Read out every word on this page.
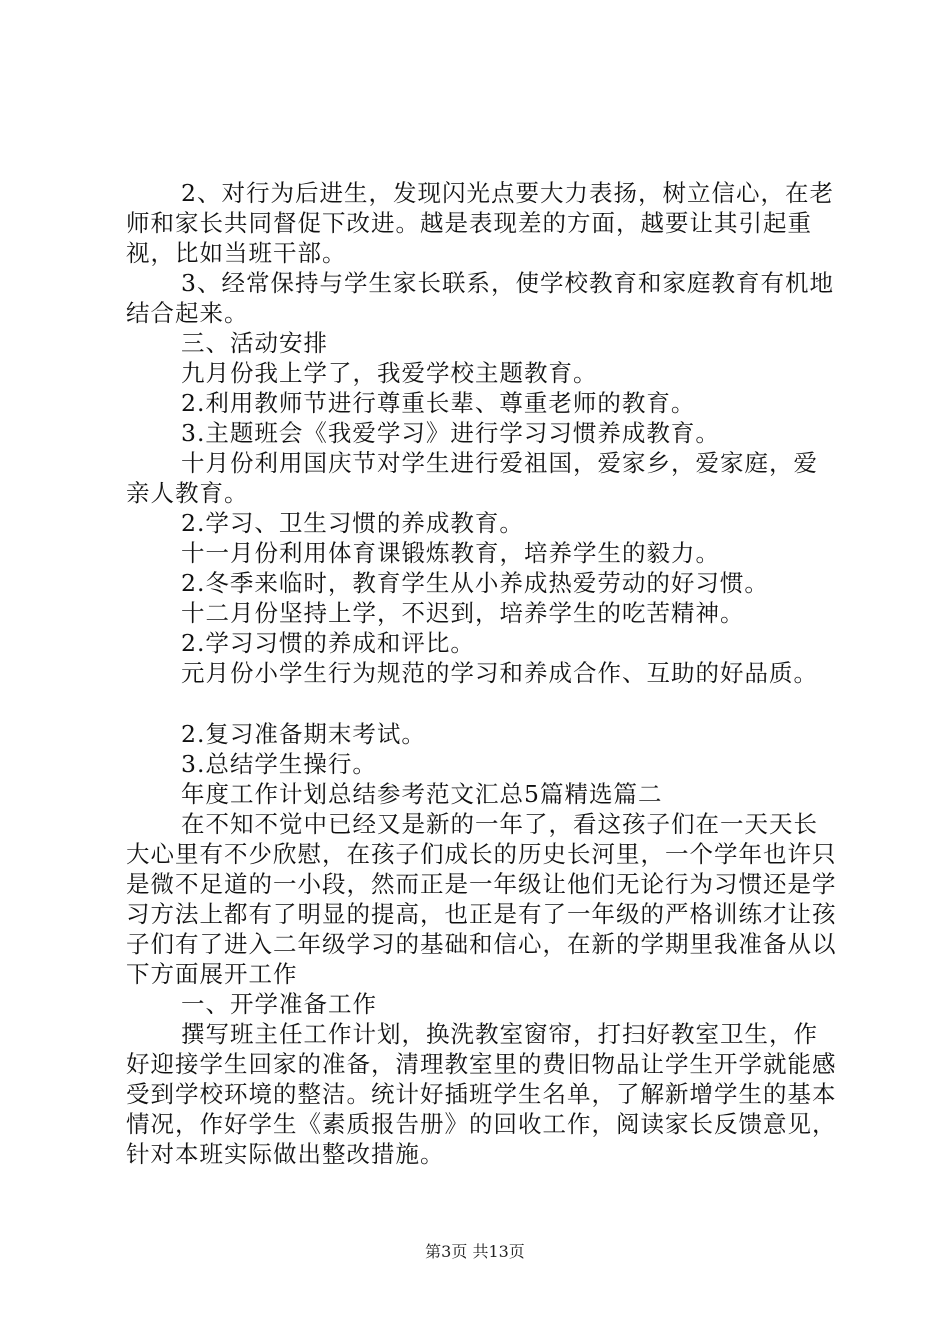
2、对行为后进生，发现闪光点要大力表扬，树立信心，在老师和家长共同督促下改进。越是表现差的方面，越要让其引起重视，比如当班干部。

3、经常保持与学生家长联系，使学校教育和家庭教育有机地结合起来。

三、活动安排

九月份我上学了，我爱学校主题教育。

2.利用教师节进行尊重长辈、尊重老师的教育。

3.主题班会《我爱学习》进行学习习惯养成教育。

十月份利用国庆节对学生进行爱祖国，爱家乡，爱家庭，爱亲人教育。

2.学习、卫生习惯的养成教育。

十一月份利用体育课锻炼教育，培养学生的毅力。

2.冬季来临时，教育学生从小养成热爱劳动的好习惯。

十二月份坚持上学，不迟到，培养学生的吃苦精神。

2.学习习惯的养成和评比。

元月份小学生行为规范的学习和养成合作、互助的好品质。

2.复习准备期末考试。

3.总结学生操行。

年度工作计划总结参考范文汇总5篇精选篇二

在不知不觉中已经又是新的一年了，看这孩子们在一天天长大心里有不少欣慰，在孩子们成长的历史长河里，一个学年也许只是微不足道的一小段，然而正是一年级让他们无论行为习惯还是学习方法上都有了明显的提高，也正是有了一年级的严格训练才让孩子们有了进入二年级学习的基础和信心，在新的学期里我准备从以下方面展开工作

一、开学准备工作

撰写班主任工作计划，换洗教室窗帘，打扫好教室卫生，作好迎接学生回家的准备，清理教室里的费旧物品让学生开学就能感受到学校环境的整洁。统计好插班学生名单，了解新增学生的基本情况，作好学生《素质报告册》的回收工作，阅读家长反馈意见，针对本班实际做出整改措施。

第3页 共13页
